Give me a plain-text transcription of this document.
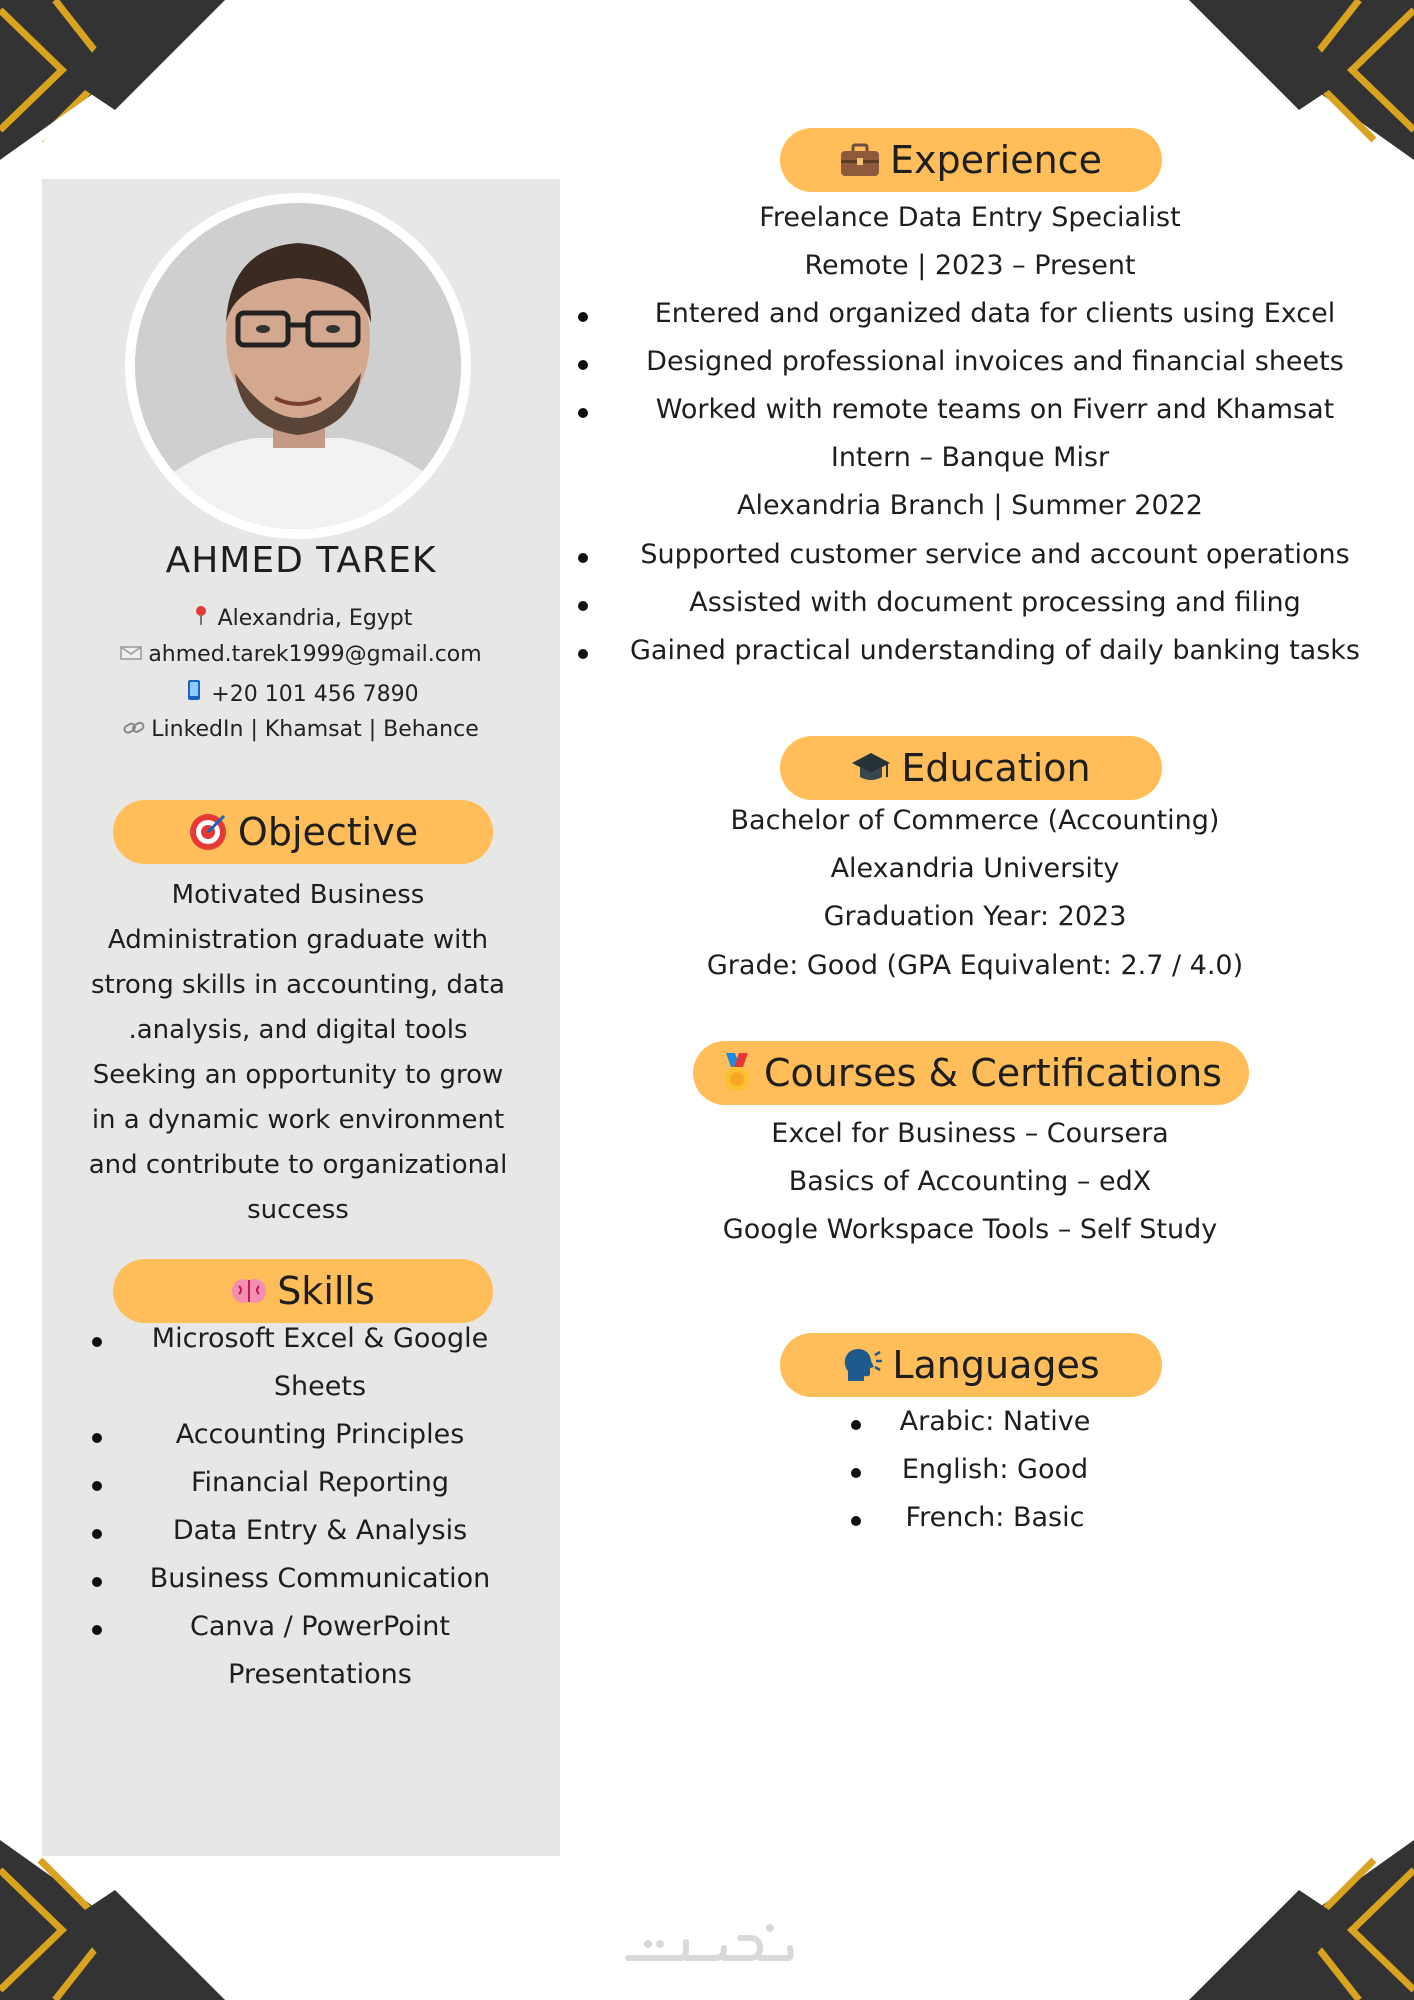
AHMED TAREK
Alexandria, Egypt
ahmed.tarek1999@gmail.com
+20 101 456 7890
LinkedIn | Khamsat | Behance
Objective
Motivated Business
Administration graduate with
strong skills in accounting, data
.analysis, and digital tools
Seeking an opportunity to grow
in a dynamic work environment
and contribute to organizational
success
Skills
Microsoft Excel & Google
Sheets
Accounting Principles
Financial Reporting
Data Entry & Analysis
Business Communication
Canva / PowerPoint
Presentations
Experience
Freelance Data Entry Specialist
Remote | 2023 – Present
Entered and organized data for clients using Excel
Designed professional invoices and financial sheets
Worked with remote teams on Fiverr and Khamsat
Intern – Banque Misr
Alexandria Branch | Summer 2022
Supported customer service and account operations
Assisted with document processing and filing
Gained practical understanding of daily banking tasks
Education
Bachelor of Commerce (Accounting)
Alexandria University
Graduation Year: 2023
Grade: Good (GPA Equivalent: 2.7 / 4.0)
Courses & Certifications
Excel for Business – Coursera
Basics of Accounting – edX
Google Workspace Tools – Self Study
Languages
Arabic: Native
English: Good
French: Basic
